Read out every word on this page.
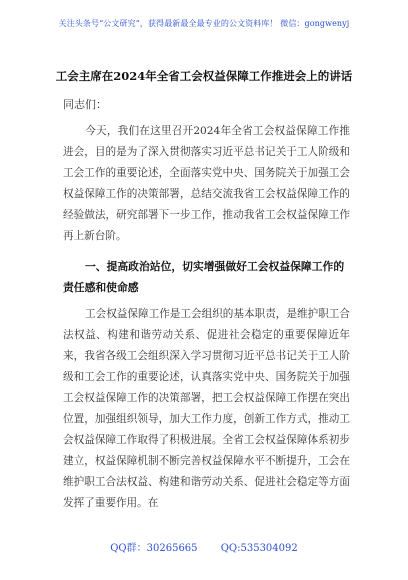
关注头条号“公文研究”，获得最新最全最专业的公文资料库！ 微信：gongwenyj
工会主席在2024年全省工会权益保障工作推进会上的讲话
同志们：
今天，我们在这里召开2024年全省工会权益保障工作推进会，目的是为了深入贯彻落实习近平总书记关于工人阶级和工会工作的重要论述，全面落实党中央、国务院关于加强工会权益保障工作的决策部署，总结交流我省工会权益保障工作的经验做法，研究部署下一步工作，推动我省工会权益保障工作再上新台阶。
一、提高政治站位，切实增强做好工会权益保障工作的责任感和使命感
工会权益保障工作是工会组织的基本职责，是维护职工合法权益、构建和谐劳动关系、促进社会稳定的重要保障近年来，我省各级工会组织深入学习贯彻习近平总书记关于工人阶级和工会工作的重要论述，认真落实党中央、国务院关于加强工会权益保障工作的决策部署，把工会权益保障工作摆在突出位置，加强组织领导，加大工作力度，创新工作方式，推动工会权益保障工作取得了积极进展。全省工会权益保障体系初步建立，权益保障机制不断完善权益保障水平不断提升，工会在维护职工合法权益、构建和谐劳动关系、促进社会稳定等方面发挥了重要作用。在
QQ群：30265665 QQ:535304092
